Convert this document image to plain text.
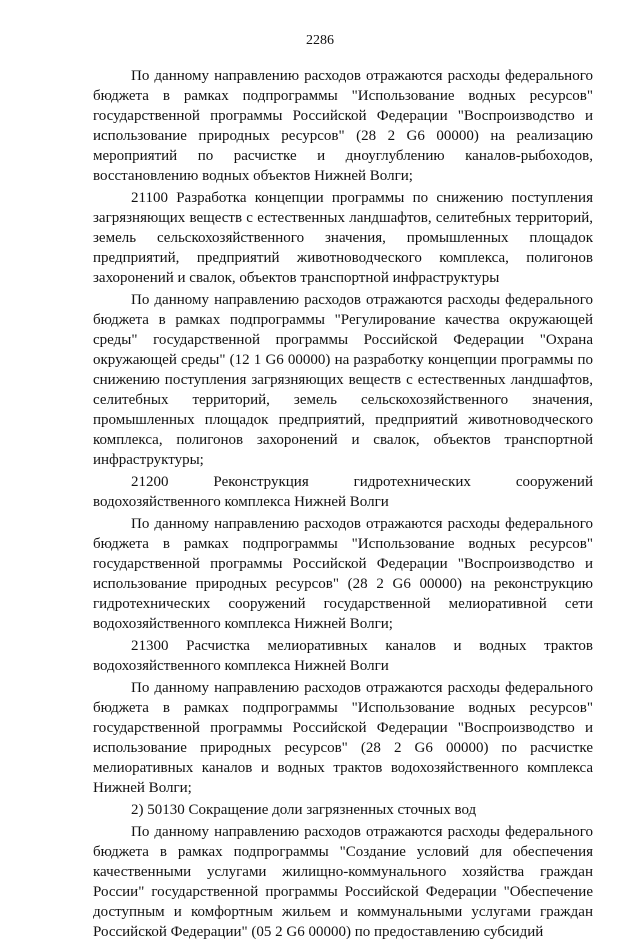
2286

По данному направлению расходов отражаются расходы федерального бюджета в рамках подпрограммы "Использование водных ресурсов" государственной программы Российской Федерации "Воспроизводство и использование природных ресурсов" (28 2 G6 00000) на реализацию мероприятий по расчистке и дноуглублению каналов-рыбоходов, восстановлению водных объектов Нижней Волги;

21100 Разработка концепции программы по снижению поступления загрязняющих веществ с естественных ландшафтов, селитебных территорий, земель сельскохозяйственного значения, промышленных площадок предприятий, предприятий животноводческого комплекса, полигонов захоронений и свалок, объектов транспортной инфраструктуры

По данному направлению расходов отражаются расходы федерального бюджета в рамках подпрограммы "Регулирование качества окружающей среды" государственной программы Российской Федерации "Охрана окружающей среды" (12 1 G6 00000) на разработку концепции программы по снижению поступления загрязняющих веществ с естественных ландшафтов, селитебных территорий, земель сельскохозяйственного значения, промышленных площадок предприятий, предприятий животноводческого комплекса, полигонов захоронений и свалок, объектов транспортной инфраструктуры;

21200 Реконструкция гидротехнических сооружений водохозяйственного комплекса Нижней Волги

По данному направлению расходов отражаются расходы федерального бюджета в рамках подпрограммы "Использование водных ресурсов" государственной программы Российской Федерации "Воспроизводство и использование природных ресурсов" (28 2 G6 00000) на реконструкцию гидротехнических сооружений государственной мелиоративной сети водохозяйственного комплекса Нижней Волги;

21300 Расчистка мелиоративных каналов и водных трактов водохозяйственного комплекса Нижней Волги

По данному направлению расходов отражаются расходы федерального бюджета в рамках подпрограммы "Использование водных ресурсов" государственной программы Российской Федерации "Воспроизводство и использование природных ресурсов" (28 2 G6 00000) по расчистке мелиоративных каналов и водных трактов водохозяйственного комплекса Нижней Волги;

2) 50130 Сокращение доли загрязненных сточных вод

По данному направлению расходов отражаются расходы федерального бюджета в рамках подпрограммы "Создание условий для обеспечения качественными услугами жилищно-коммунального хозяйства граждан России" государственной программы Российской Федерации "Обеспечение доступным и комфортным жильем и коммунальными услугами граждан Российской Федерации" (05 2 G6 00000) по предоставлению субсидий
